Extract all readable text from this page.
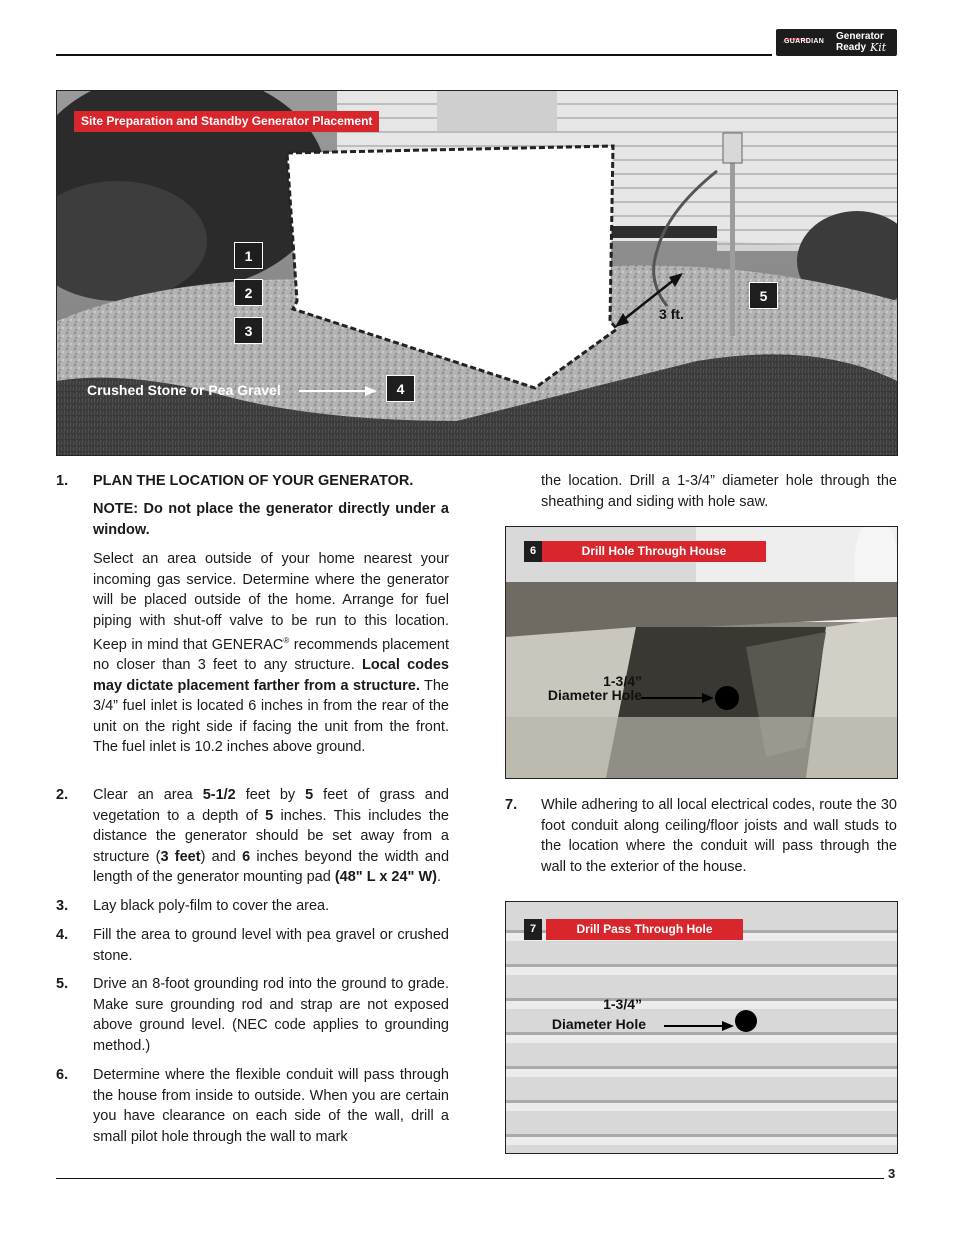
GUARDIAN Generator
Ready Kit
Site Preparation and Standby Generator Placement
1
2
3
4
5
Crushed Stone or Pea Gravel
3 ft.
1. PLAN THE LOCATION OF YOUR GENERATOR.
NOTE: Do not place the generator directly under a window.
Select an area outside of your home nearest your incoming gas service. Determine where the generator will be placed outside of the home. Arrange for fuel piping with shut-off valve to be run to this location. Keep in mind that GENERAC® recommends placement no closer than 3 feet to any structure. Local codes may dictate placement farther from a structure. The 3/4” fuel inlet is located 6 inches in from the rear of the unit on the right side if facing the unit from the front. The fuel inlet is 10.2 inches above ground.
2. Clear an area 5-1/2 feet by 5 feet of grass and vegetation to a depth of 5 inches. This includes the distance the generator should be set away from a structure (3 feet) and 6 inches beyond the width and length of the generator mounting pad (48" L x 24" W).
3. Lay black poly-film to cover the area.
4. Fill the area to ground level with pea gravel or crushed stone.
5. Drive an 8-foot grounding rod into the ground to grade. Make sure grounding rod and strap are not exposed above ground level. (NEC code applies to grounding method.)
6. Determine where the flexible conduit will pass through the house from inside to outside. When you are certain you have clearance on each side of the wall, drill a small pilot hole through the wall to mark
the location. Drill a 1-3/4” diameter hole through the sheathing and siding with hole saw.
6	Drill Hole Through House
1-3/4”
Diameter Hole
7. While adhering to all local electrical codes, route the 30 foot conduit along ceiling/floor joists and wall studs to the location where the conduit will pass through the wall to the exterior of the house.
7	Drill Pass Through Hole
1-3/4”
Diameter Hole
3
